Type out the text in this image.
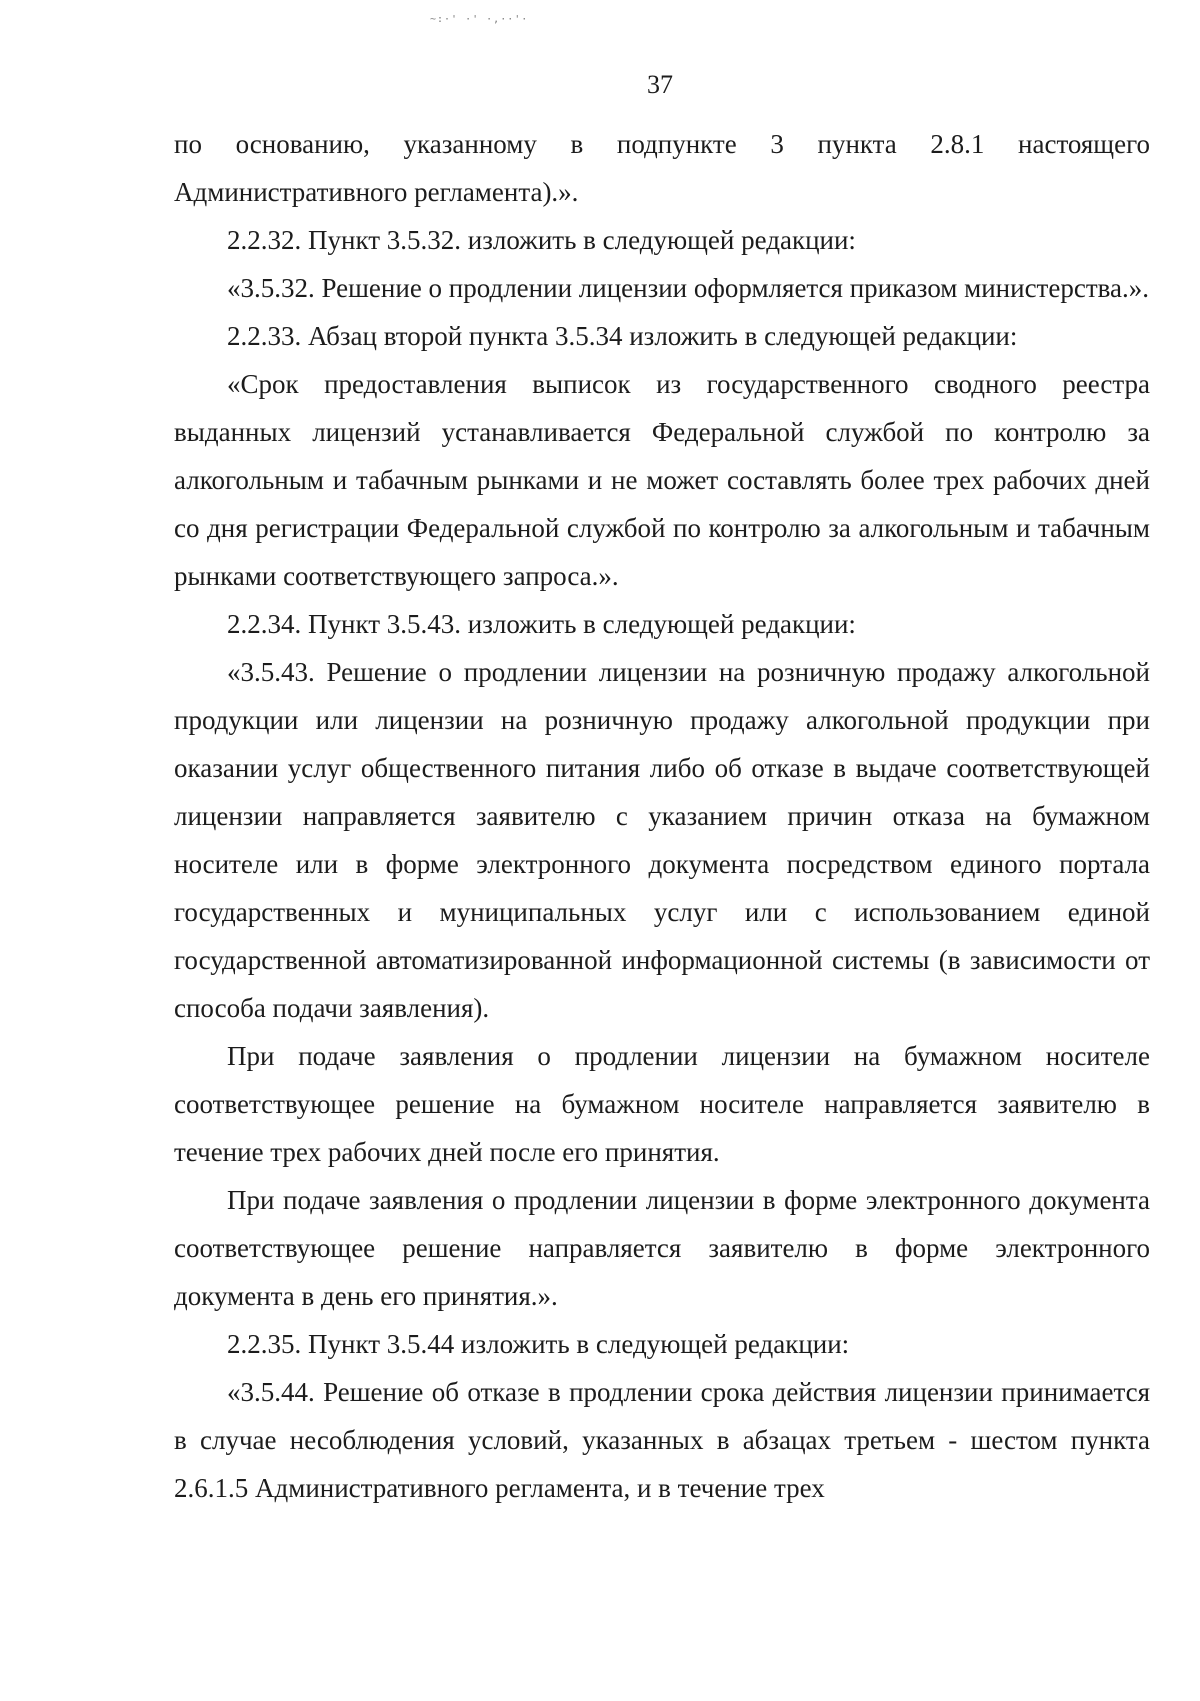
~:·' ·' ·,··'·

37

по основанию, указанному в подпункте 3 пункта 2.8.1 настоящего Административного регламента).».

2.2.32. Пункт 3.5.32. изложить в следующей редакции:

«3.5.32. Решение о продлении лицензии оформляется приказом министерства.».

2.2.33. Абзац второй пункта 3.5.34 изложить в следующей редакции:

«Срок предоставления выписок из государственного сводного реестра выданных лицензий устанавливается Федеральной службой по контролю за алкогольным и табачным рынками и не может составлять более трех рабочих дней со дня регистрации Федеральной службой по контролю за алкогольным и табачным рынками соответствующего запроса.».

2.2.34. Пункт 3.5.43. изложить в следующей редакции:

«3.5.43. Решение о продлении лицензии на розничную продажу алкогольной продукции или лицензии на розничную продажу алкогольной продукции при оказании услуг общественного питания либо об отказе в выдаче соответствующей лицензии направляется заявителю с указанием причин отказа на бумажном носителе или в форме электронного документа посредством единого портала государственных и муниципальных услуг или с использованием единой государственной автоматизированной информационной системы (в зависимости от способа подачи заявления).

При подаче заявления о продлении лицензии на бумажном носителе соответствующее решение на бумажном носителе направляется заявителю в течение трех рабочих дней после его принятия.

При подаче заявления о продлении лицензии в форме электронного документа соответствующее решение направляется заявителю в форме электронного документа в день его принятия.».

2.2.35. Пункт 3.5.44 изложить в следующей редакции:

«3.5.44. Решение об отказе в продлении срока действия лицензии принимается в случае несоблюдения условий, указанных в абзацах третьем - шестом пункта 2.6.1.5 Административного регламента, и в течение трех
